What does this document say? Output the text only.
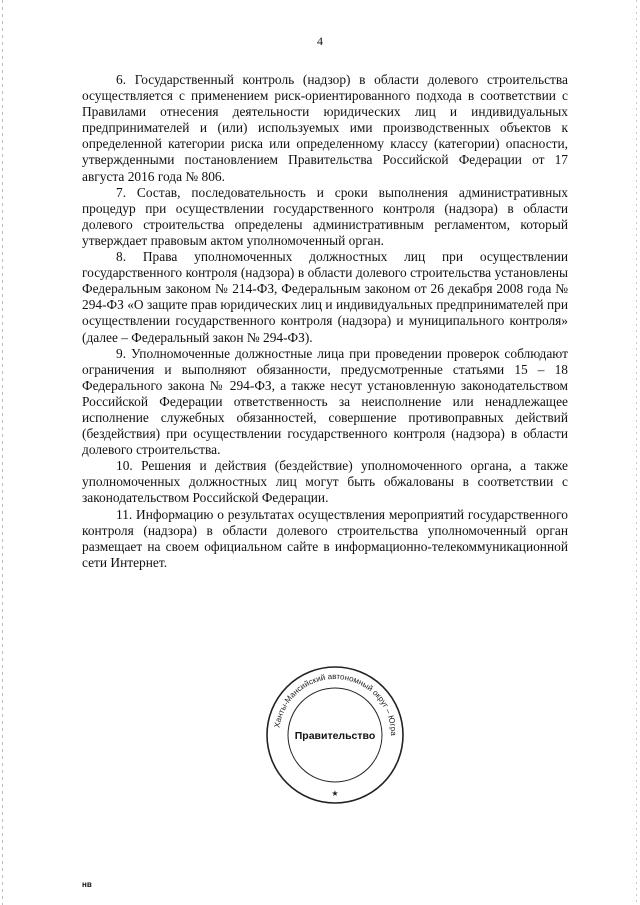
4

6. Государственный контроль (надзор) в области долевого строительства осуществляется с применением риск-ориентированного подхода в соответствии с Правилами отнесения деятельности юридических лиц и индивидуальных предпринимателей и (или) используемых ими производственных объектов к определенной категории риска или определенному классу (категории) опасности, утвержденными постановлением Правительства Российской Федерации от 17 августа 2016 года № 806.

7. Состав, последовательность и сроки выполнения административных процедур при осуществлении государственного контроля (надзора) в области долевого строительства определены административным регламентом, который утверждает правовым актом уполномоченный орган.

8. Права уполномоченных должностных лиц при осуществлении государственного контроля (надзора) в области долевого строительства установлены Федеральным законом № 214-ФЗ, Федеральным законом от 26 декабря 2008 года № 294-ФЗ «О защите прав юридических лиц и индивидуальных предпринимателей при осуществлении государственного контроля (надзора) и муниципального контроля» (далее – Федеральный закон № 294-ФЗ).

9. Уполномоченные должностные лица при проведении проверок соблюдают ограничения и выполняют обязанности, предусмотренные статьями 15 – 18 Федерального закона № 294-ФЗ, а также несут установленную законодательством Российской Федерации ответственность за неисполнение или ненадлежащее исполнение служебных обязанностей, совершение противоправных действий (бездействия) при осуществлении государственного контроля (надзора) в области долевого строительства.

10. Решения и действия (бездействие) уполномоченного органа, а также уполномоченных должностных лиц могут быть обжалованы в соответствии с законодательством Российской Федерации.

11. Информацию о результатах осуществления мероприятий государственного контроля (надзора) в области долевого строительства уполномоченный орган размещает на своем официальном сайте в информационно-телекоммуникационной сети Интернет.

Ханты-Мансийский автономный округ – Югра
Правительство
★
нв
